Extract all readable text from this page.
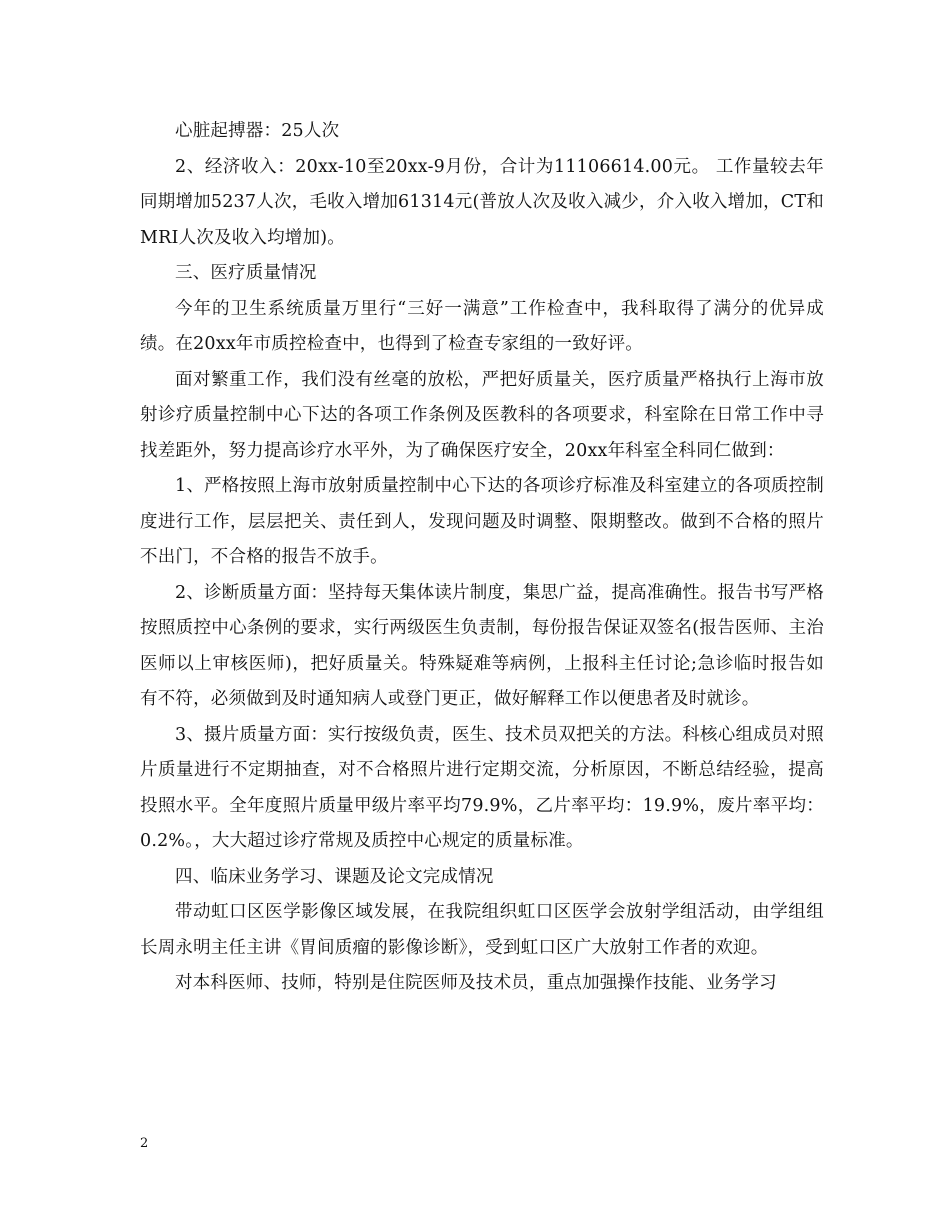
心脏起搏器：25人次

2、经济收入：20xx-10至20xx-9月份，合计为11106614.00元。 工作量较去年同期增加5237人次，毛收入增加61314元(普放人次及收入减少，介入收入增加，CT和MRI人次及收入均增加)。

三、医疗质量情况

今年的卫生系统质量万里行“三好一满意”工作检查中，我科取得了满分的优异成绩。在20xx年市质控检查中，也得到了检查专家组的一致好评。

面对繁重工作，我们没有丝毫的放松，严把好质量关，医疗质量严格执行上海市放射诊疗质量控制中心下达的各项工作条例及医教科的各项要求，科室除在日常工作中寻找差距外，努力提高诊疗水平外，为了确保医疗安全，20xx年科室全科同仁做到：

1、严格按照上海市放射质量控制中心下达的各项诊疗标准及科室建立的各项质控制度进行工作，层层把关、责任到人，发现问题及时调整、限期整改。做到不合格的照片不出门，不合格的报告不放手。

2、诊断质量方面：坚持每天集体读片制度，集思广益，提高准确性。报告书写严格按照质控中心条例的要求，实行两级医生负责制，每份报告保证双签名(报告医师、主治医师以上审核医师)，把好质量关。特殊疑难等病例，上报科主任讨论;急诊临时报告如有不符，必须做到及时通知病人或登门更正，做好解释工作以便患者及时就诊。

3、摄片质量方面：实行按级负责，医生、技术员双把关的方法。科核心组成员对照片质量进行不定期抽查，对不合格照片进行定期交流，分析原因，不断总结经验，提高投照水平。全年度照片质量甲级片率平均79.9%，乙片率平均：19.9%，废片率平均：0.2%。，大大超过诊疗常规及质控中心规定的质量标准。

四、临床业务学习、课题及论文完成情况

带动虹口区医学影像区域发展，在我院组织虹口区医学会放射学组活动，由学组组长周永明主任主讲《胃间质瘤的影像诊断》，受到虹口区广大放射工作者的欢迎。

对本科医师、技师，特别是住院医师及技术员，重点加强操作技能、业务学习

2
